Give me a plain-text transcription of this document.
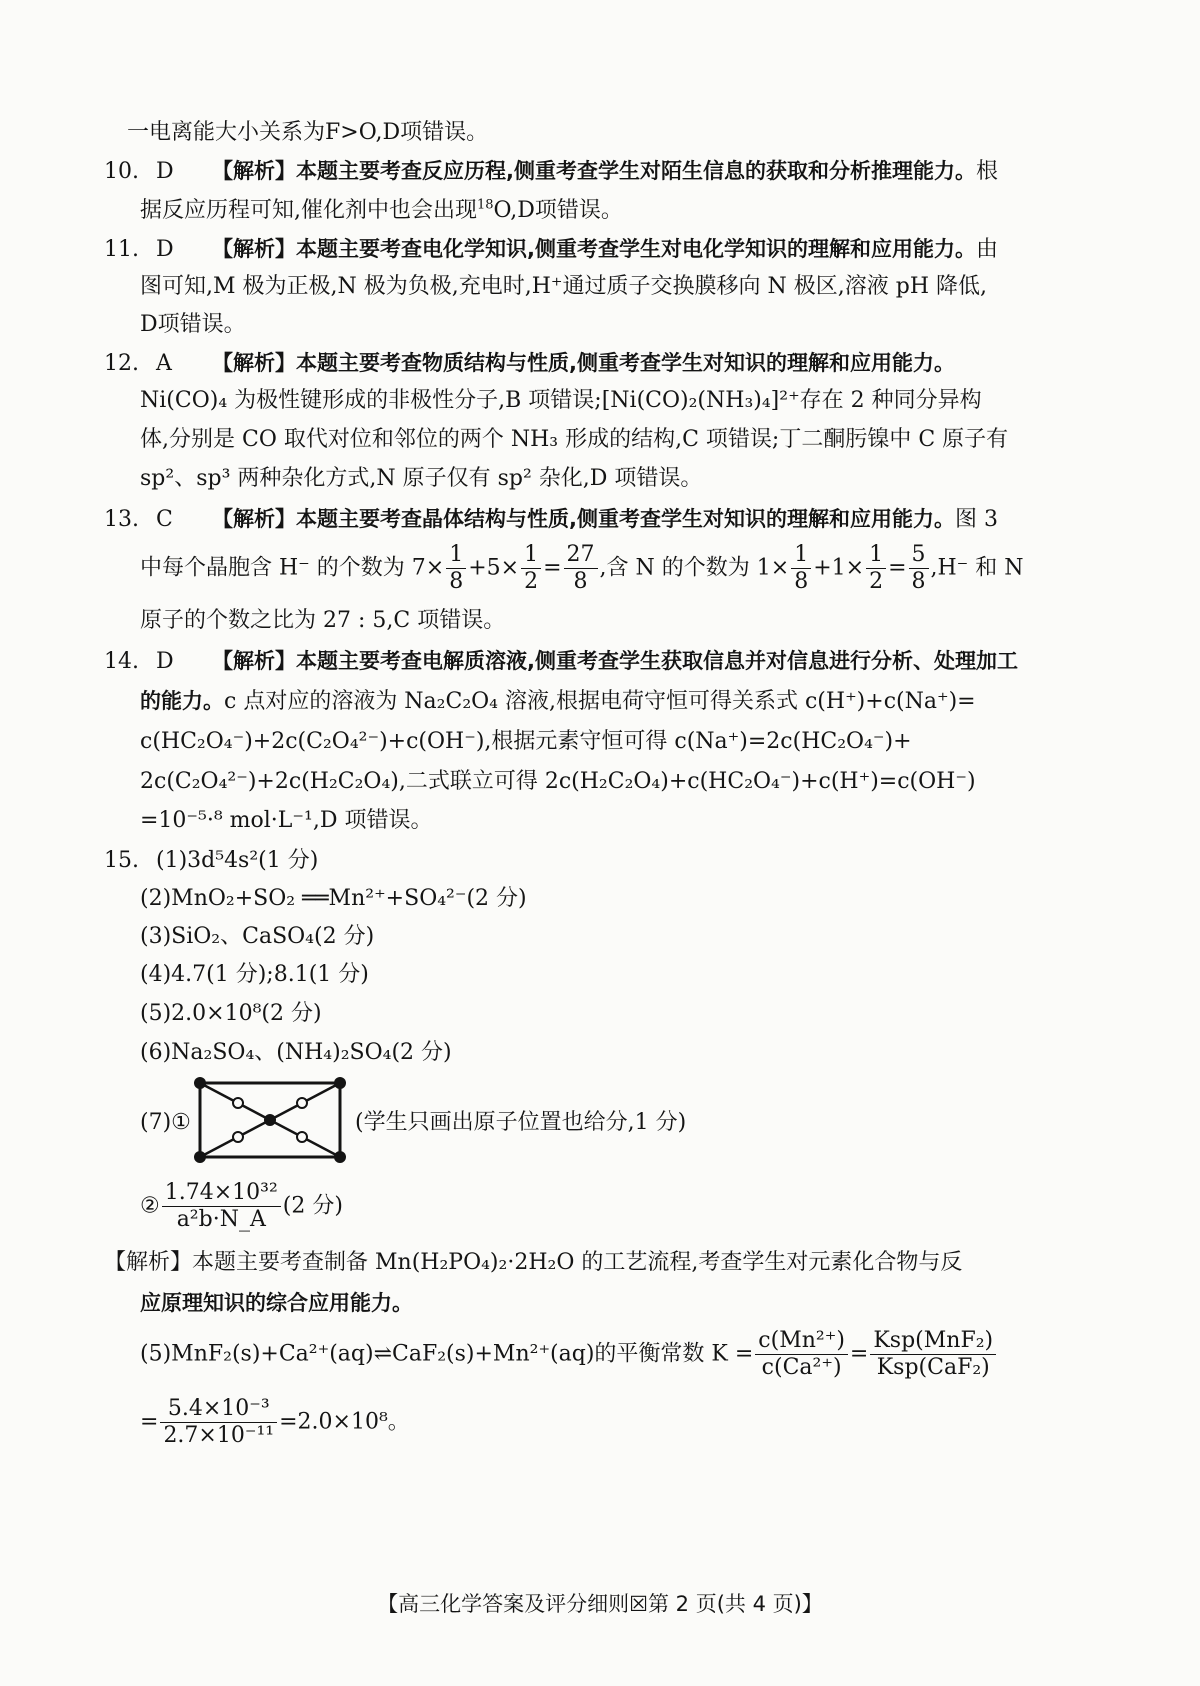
一电离能大小关系为F>O,D项错误。
10. D 【解析】本题主要考查反应历程,侧重考查学生对陌生信息的获取和分析推理能力。根
据反应历程可知,催化剂中也会出现$^{18}$O,D项错误。
11. D 【解析】本题主要考查电化学知识,侧重考查学生对电化学知识的理解和应用能力。由
图可知,M 极为正极,N 极为负极,充电时,H⁺通过质子交换膜移向 N 极区,溶液 pH 降低,
D项错误。
12. A 【解析】本题主要考查物质结构与性质,侧重考查学生对知识的理解和应用能力。
Ni(CO)₄ 为极性键形成的非极性分子,B 项错误;[Ni(CO)₂(NH₃)₄]²⁺存在 2 种同分异构
体,分别是 CO 取代对位和邻位的两个 NH₃ 形成的结构,C 项错误;丁二酮肟镍中 C 原子有
sp²、sp³ 两种杂化方式,N 原子仅有 sp² 杂化,D 项错误。
13. C 【解析】本题主要考查晶体结构与性质,侧重考查学生对知识的理解和应用能力。图 3
中每个晶胞含 H⁻ 的个数为 $7\times \frac{1}{8} +5\times \frac{1}{2} = \frac{27}{8}$ ,含 N 的个数为 $1\times \frac{1}{8} +1\times \frac{1}{2} = \frac{5}{8} ,H^-$ 和 N
原子的个数之比为 27 : 5,C 项错误。
14. D 【解析】本题主要考查电解质溶液,侧重考查学生获取信息并对信息进行分析、处理加工
的能力。c 点对应的溶液为 Na₂C₂O₄ 溶液,根据电荷守恒可得关系式 c(H⁺)+c(Na⁺)=
c(HC₂O₄⁻)+2c(C₂O₄²⁻)+c(OH⁻),根据元素守恒可得 c(Na⁺)=2c(HC₂O₄⁻)+
2c(C₂O₄²⁻)+2c(H₂C₂O₄),二式联立可得 2c(H₂C₂O₄)+c(HC₂O₄⁻)+c(H⁺)=c(OH⁻)
=10⁻⁵·⁸ mol·L⁻¹,D 项错误。
15. (1)3d⁵4s²(1 分)
(2)MnO₂+SO₂ ══Mn²⁺+SO₄²⁻(2 分)
(3)SiO₂、CaSO₄(2 分)
(4)4.7(1 分);8.1(1 分)
(5)2.0×10⁸(2 分)
(6)Na₂SO₄、(NH₄)₂SO₄(2 分)
(7)①	(学生只画出原子位置也给分,1 分)
② $\frac{\text{1.74×10³²}}{\text{a²b·N\_A}} (2$ 分)
【解析】本题主要考查制备 Mn(H₂PO₄)₂·2H₂O 的工艺流程,考查学生对元素化合物与反
应原理知识的综合应用能力。
(5)MnF₂(s)+Ca²⁺(aq)⇌CaF₂(s)+Mn²⁺(aq)的平衡常数 $K = \frac{\text{c(Mn²⁺)}}{\text{c(Ca²⁺)}} = \frac{\text{Ksp(MnF₂)}}{\text{Ksp(CaF₂)}}$
= $\frac{\text{5.4×10⁻³}}{\text{2.7×10⁻¹¹}} =2.0\times 10^8$。
【高三化学答案及评分细则☒第 2 页(共 4 页)】
